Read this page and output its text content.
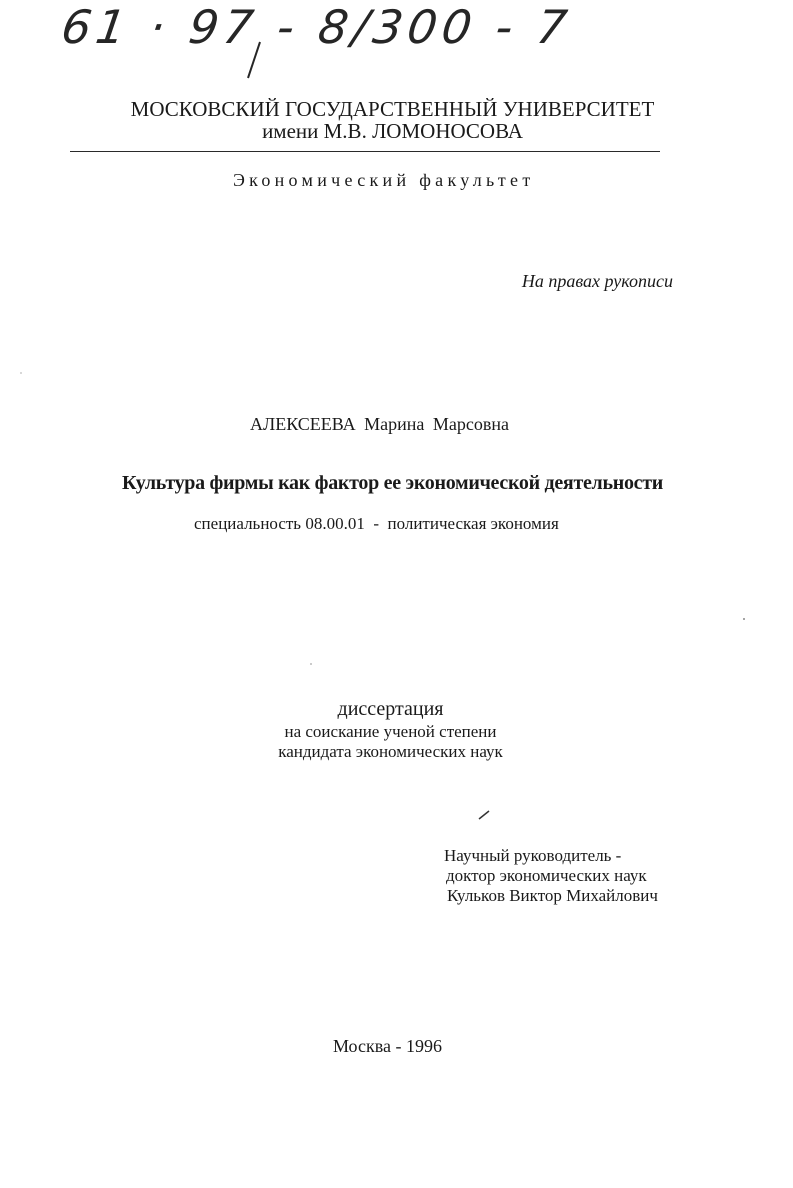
61 · 97 - 8/300 - 7
МОСКОВСКИЙ ГОСУДАРСТВЕННЫЙ УНИВЕРСИТЕТ
имени М.В. ЛОМОНОСОВА
Экономический факультет
На правах рукописи
АЛЕКСЕЕВА Марина Марсовна
Культура фирмы как фактор ее экономической деятельности
специальность 08.00.01  -  политическая экономия
диссертация
на соискание ученой степени
кандидата экономических наук
Научный руководитель -
доктор экономических наук
Кульков Виктор Михайлович
Москва - 1996
